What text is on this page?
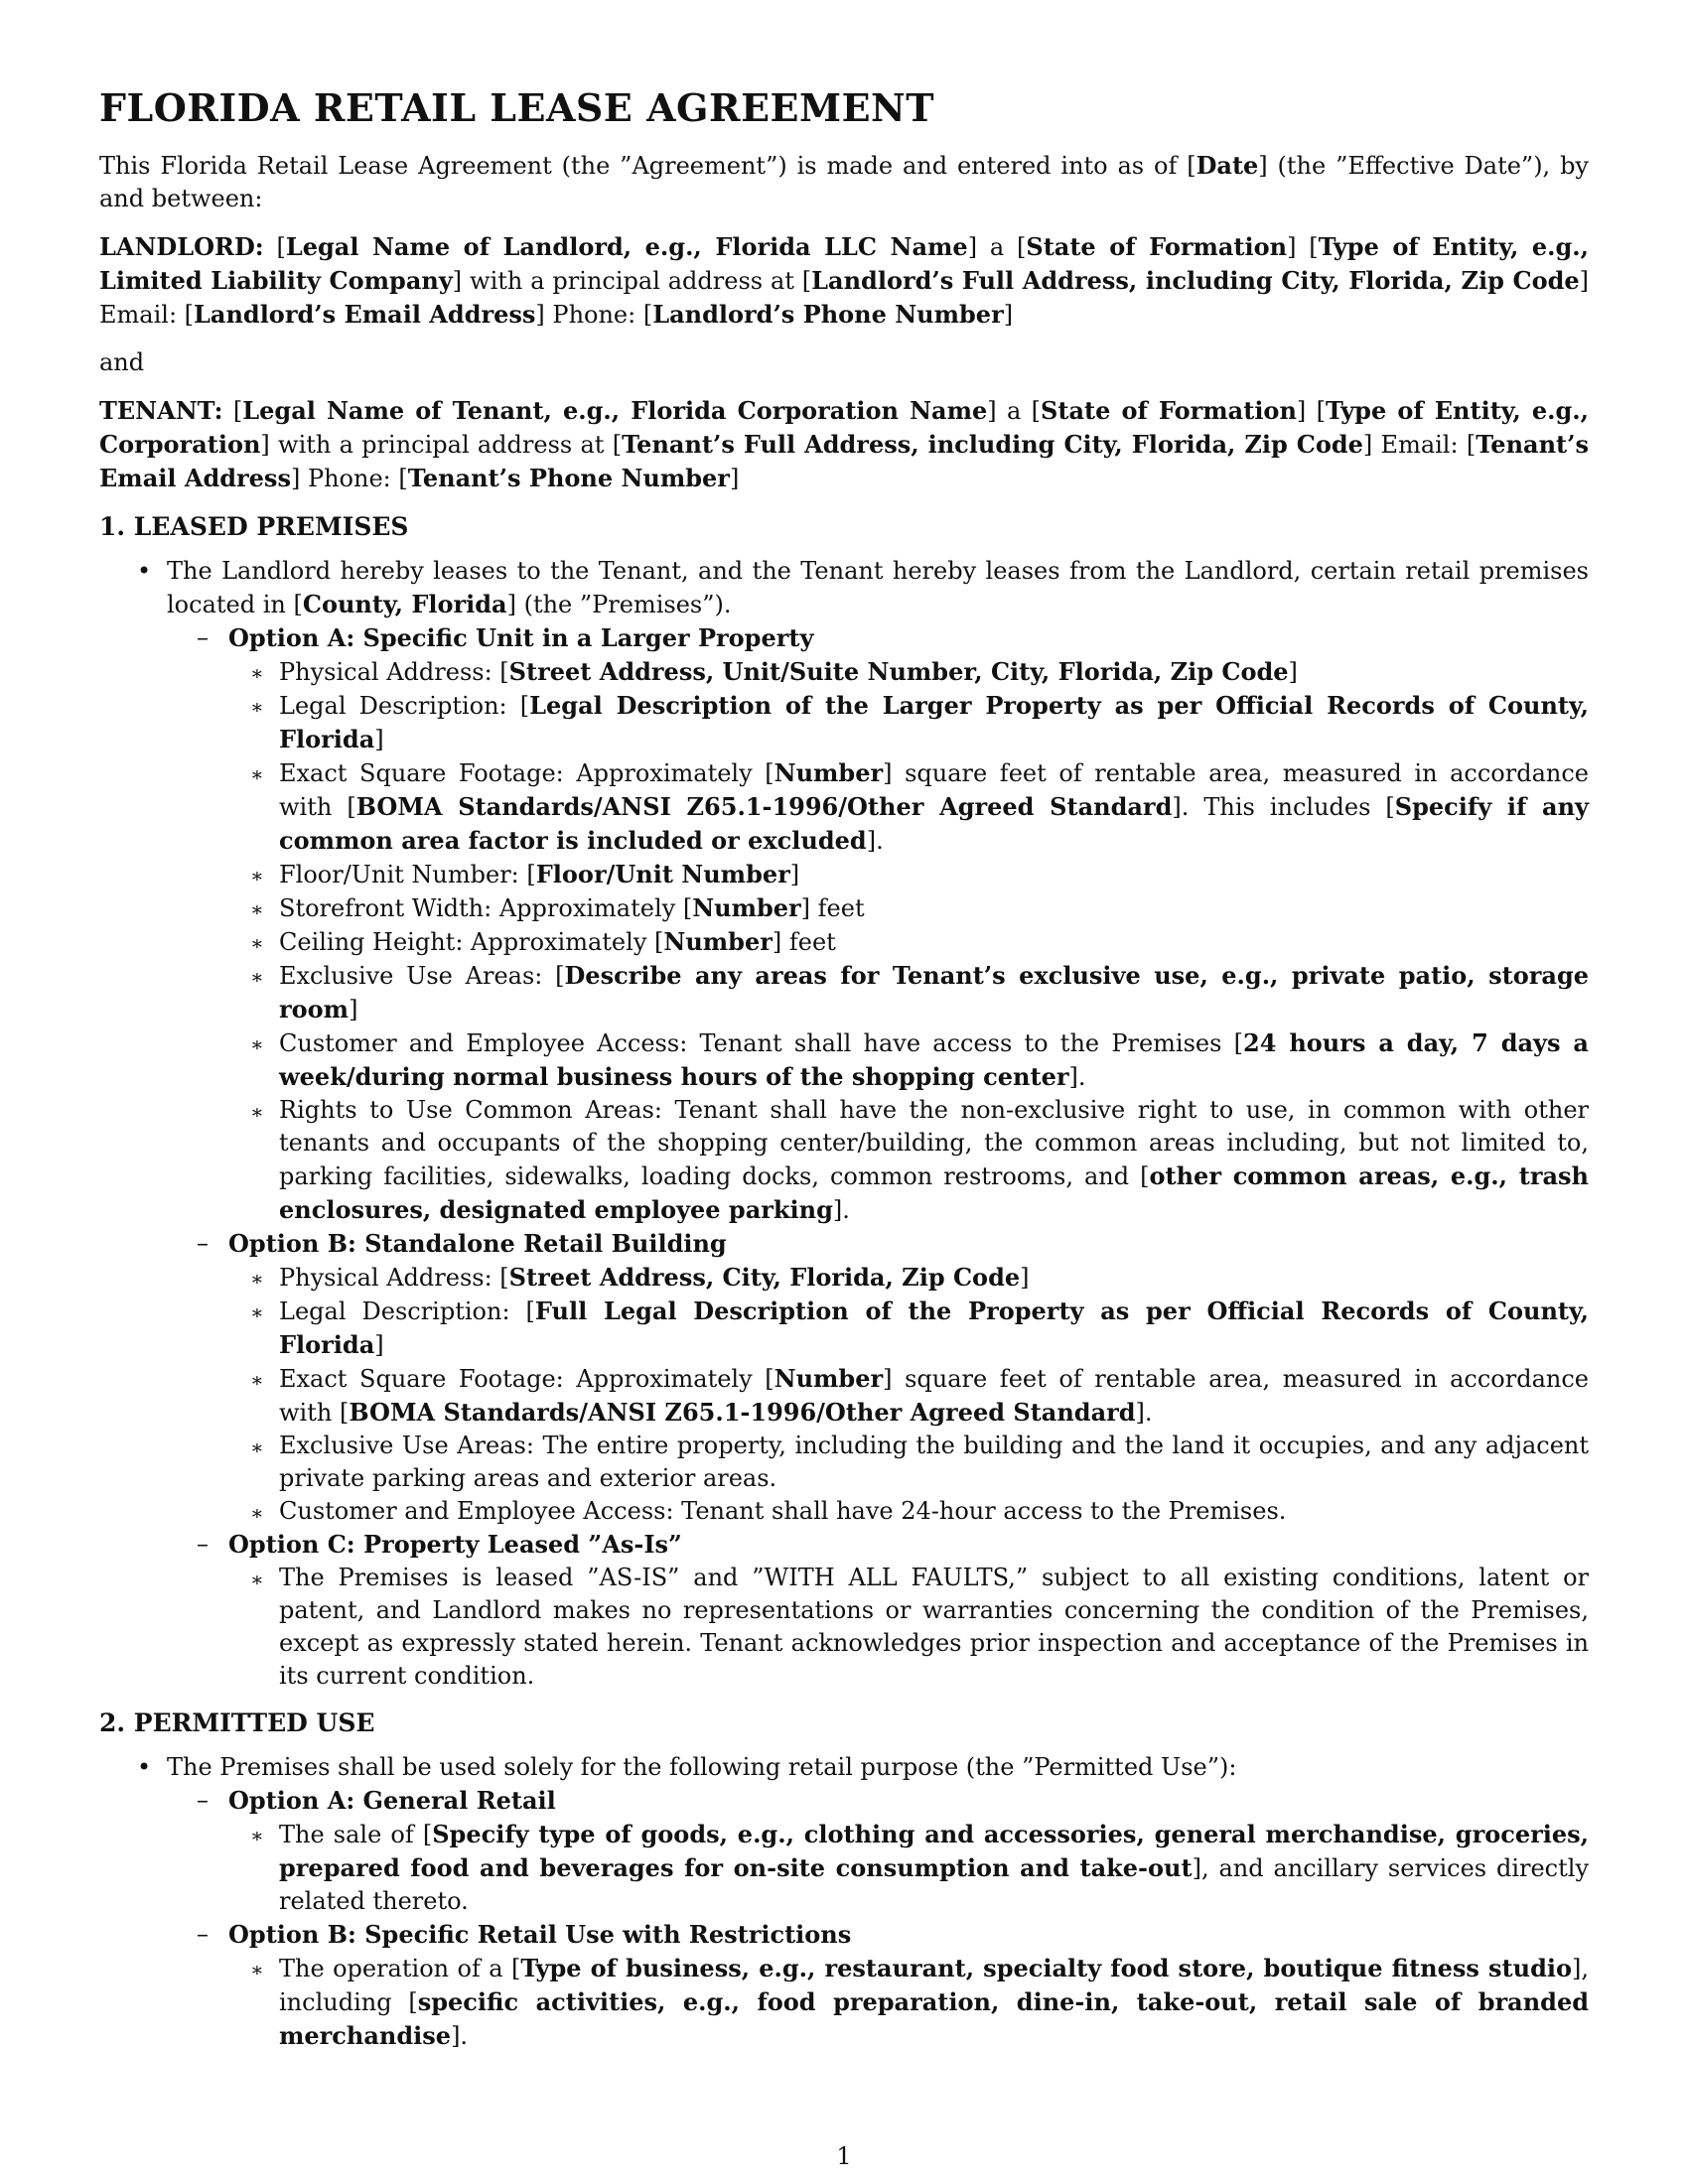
FLORIDA RETAIL LEASE AGREEMENT

This Florida Retail Lease Agreement (the ”Agreement”) is made and entered into as of [Date] (the ”Effective Date”), by and between:

LANDLORD: [Legal Name of Landlord, e.g., Florida LLC Name] a [State of Formation] [Type of Entity, e.g., Limited Liability Company] with a principal address at [Landlord’s Full Address, including City, Florida, Zip Code] Email: [Landlord’s Email Address] Phone: [Landlord’s Phone Number]

and

TENANT: [Legal Name of Tenant, e.g., Florida Corporation Name] a [State of Formation] [Type of Entity, e.g., Corporation] with a principal address at [Tenant’s Full Address, including City, Florida, Zip Code] Email: [Tenant’s Email Address] Phone: [Tenant’s Phone Number]

1. LEASED PREMISES
• The Landlord hereby leases to the Tenant, and the Tenant hereby leases from the Landlord, certain retail premises located in [County, Florida] (the ”Premises”).
– Option A: Specific Unit in a Larger Property
∗ Physical Address: [Street Address, Unit/Suite Number, City, Florida, Zip Code]
∗ Legal Description: [Legal Description of the Larger Property as per Official Records of County, Florida]
∗ Exact Square Footage: Approximately [Number] square feet of rentable area, measured in accordance with [BOMA Standards/ANSI Z65.1-1996/Other Agreed Standard]. This includes [Specify if any common area factor is included or excluded].
∗ Floor/Unit Number: [Floor/Unit Number]
∗ Storefront Width: Approximately [Number] feet
∗ Ceiling Height: Approximately [Number] feet
∗ Exclusive Use Areas: [Describe any areas for Tenant’s exclusive use, e.g., private patio, storage room]
∗ Customer and Employee Access: Tenant shall have access to the Premises [24 hours a day, 7 days a week/during normal business hours of the shopping center].
∗ Rights to Use Common Areas: Tenant shall have the non-exclusive right to use, in common with other tenants and occupants of the shopping center/building, the common areas including, but not limited to, parking facilities, sidewalks, loading docks, common restrooms, and [other common areas, e.g., trash enclosures, designated employee parking].
– Option B: Standalone Retail Building
∗ Physical Address: [Street Address, City, Florida, Zip Code]
∗ Legal Description: [Full Legal Description of the Property as per Official Records of County, Florida]
∗ Exact Square Footage: Approximately [Number] square feet of rentable area, measured in accordance with [BOMA Standards/ANSI Z65.1-1996/Other Agreed Standard].
∗ Exclusive Use Areas: The entire property, including the building and the land it occupies, and any adjacent private parking areas and exterior areas.
∗ Customer and Employee Access: Tenant shall have 24-hour access to the Premises.
– Option C: Property Leased ”As-Is”
∗ The Premises is leased ”AS-IS” and ”WITH ALL FAULTS,” subject to all existing conditions, latent or patent, and Landlord makes no representations or warranties concerning the condition of the Premises, except as expressly stated herein. Tenant acknowledges prior inspection and acceptance of the Premises in its current condition.
2. PERMITTED USE
• The Premises shall be used solely for the following retail purpose (the ”Permitted Use”):
– Option A: General Retail
∗ The sale of [Specify type of goods, e.g., clothing and accessories, general merchandise, groceries, prepared food and beverages for on-site consumption and take-out], and ancillary services directly related thereto.
– Option B: Specific Retail Use with Restrictions
∗ The operation of a [Type of business, e.g., restaurant, specialty food store, boutique fitness studio], including [specific activities, e.g., food preparation, dine-in, take-out, retail sale of branded merchandise].
1
